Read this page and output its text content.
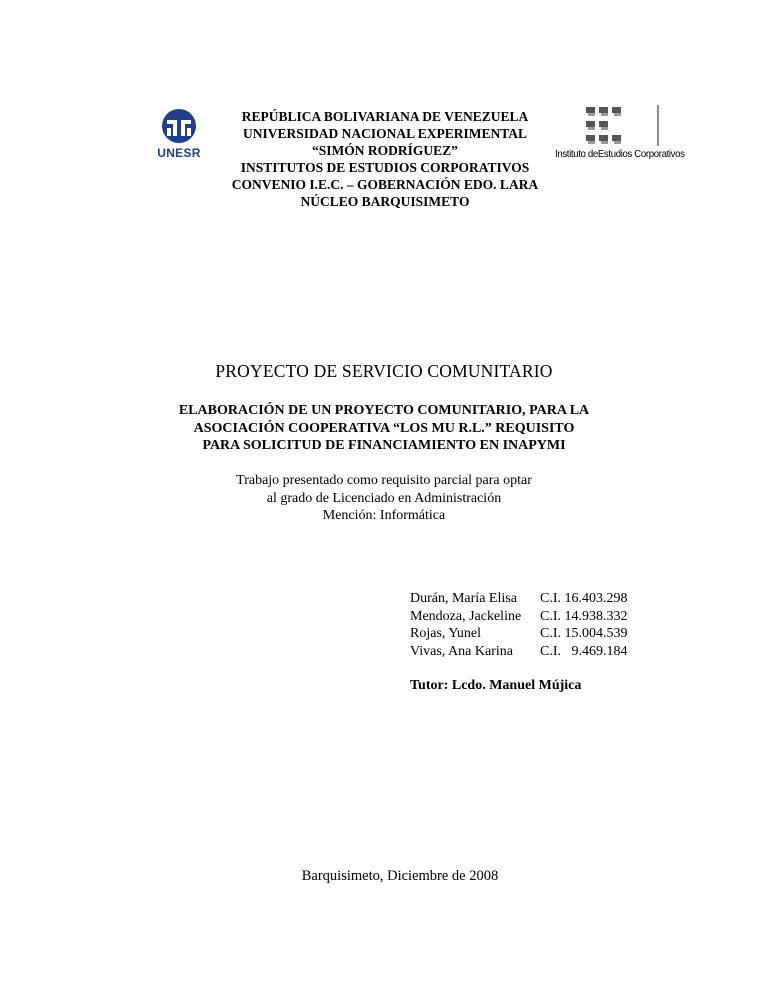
UNESR
REPÚBLICA BOLIVARIANA DE VENEZUELA
UNIVERSIDAD NACIONAL EXPERIMENTAL
“SIMÓN RODRÍGUEZ”
INSTITUTOS DE ESTUDIOS CORPORATIVOS
CONVENIO I.E.C. – GOBERNACIÓN EDO. LARA
NÚCLEO BARQUISIMETO
Instituto deEstudios Corporativos
PROYECTO DE SERVICIO COMUNITARIO
ELABORACIÓN DE UN PROYECTO COMUNITARIO, PARA LA
ASOCIACIÓN COOPERATIVA “LOS MU R.L.” REQUISITO
PARA SOLICITUD DE FINANCIAMIENTO EN INAPYMI
Trabajo presentado como requisito parcial para optar
al grado de Licenciado en Administración
Mención: Informática
Durán, María Elisa	C.I. 16.403.298
Mendoza, Jackeline	C.I. 14.938.332
Rojas, Yunel	C.I. 15.004.539
Vivas, Ana Karina	C.I.   9.469.184
Tutor: Lcdo. Manuel Mújica
Barquisimeto, Diciembre de 2008
